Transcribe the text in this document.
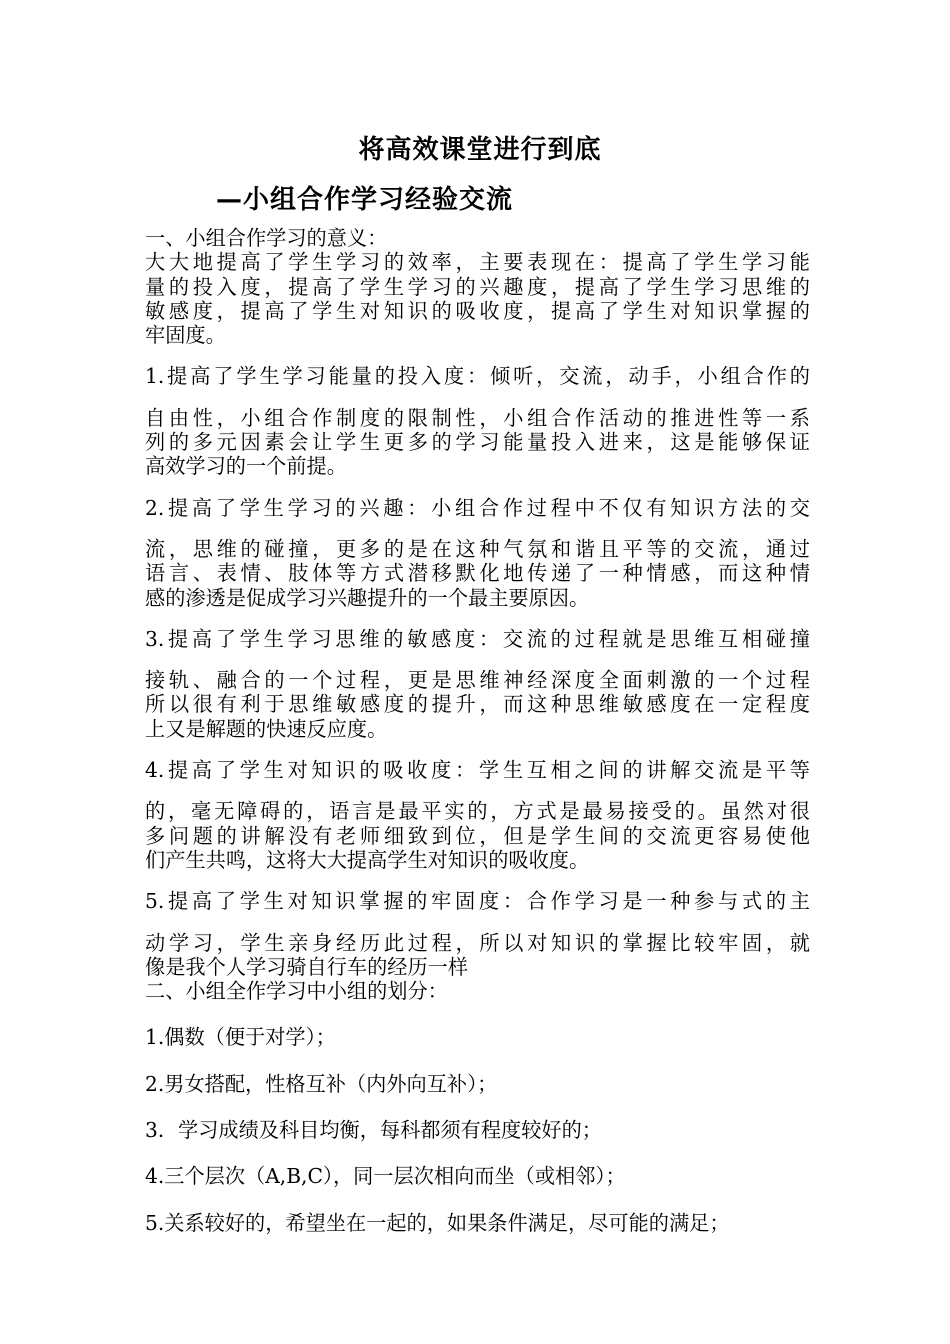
将高效课堂进行到底
—小组合作学习经验交流
一、小组合作学习的意义：
大大地提高了学生学习的效率，主要表现在：提高了学生学习能
量的投入度，提高了学生学习的兴趣度，提高了学生学习思维的
敏感度，提高了学生对知识的吸收度，提高了学生对知识掌握的
牢固度。
1.提高了学生学习能量的投入度：倾听，交流，动手，小组合作的
自由性，小组合作制度的限制性，小组合作活动的推进性等一系
列的多元因素会让学生更多的学习能量投入进来，这是能够保证
高效学习的一个前提。
2.提高了学生学习的兴趣：小组合作过程中不仅有知识方法的交
流，思维的碰撞，更多的是在这种气氛和谐且平等的交流，通过
语言、表情、肢体等方式潜移默化地传递了一种情感，而这种情
感的渗透是促成学习兴趣提升的一个最主要原因。
3.提高了学生学习思维的敏感度：交流的过程就是思维互相碰撞
接轨、融合的一个过程，更是思维神经深度全面刺激的一个过程
所以很有利于思维敏感度的提升，而这种思维敏感度在一定程度
上又是解题的快速反应度。
4.提高了学生对知识的吸收度：学生互相之间的讲解交流是平等
的，毫无障碍的，语言是最平实的，方式是最易接受的。虽然对很
多问题的讲解没有老师细致到位，但是学生间的交流更容易使他
们产生共鸣，这将大大提高学生对知识的吸收度。
5.提高了学生对知识掌握的牢固度：合作学习是一种参与式的主
动学习，学生亲身经历此过程，所以对知识的掌握比较牢固，就
像是我个人学习骑自行车的经历一样
二、小组全作学习中小组的划分：
1.偶数（便于对学）；
2.男女搭配，性格互补（内外向互补）；
3．学习成绩及科目均衡，每科都须有程度较好的；
4.三个层次（A,B,C），同一层次相向而坐（或相邻）；
5.关系较好的，希望坐在一起的，如果条件满足，尽可能的满足；
